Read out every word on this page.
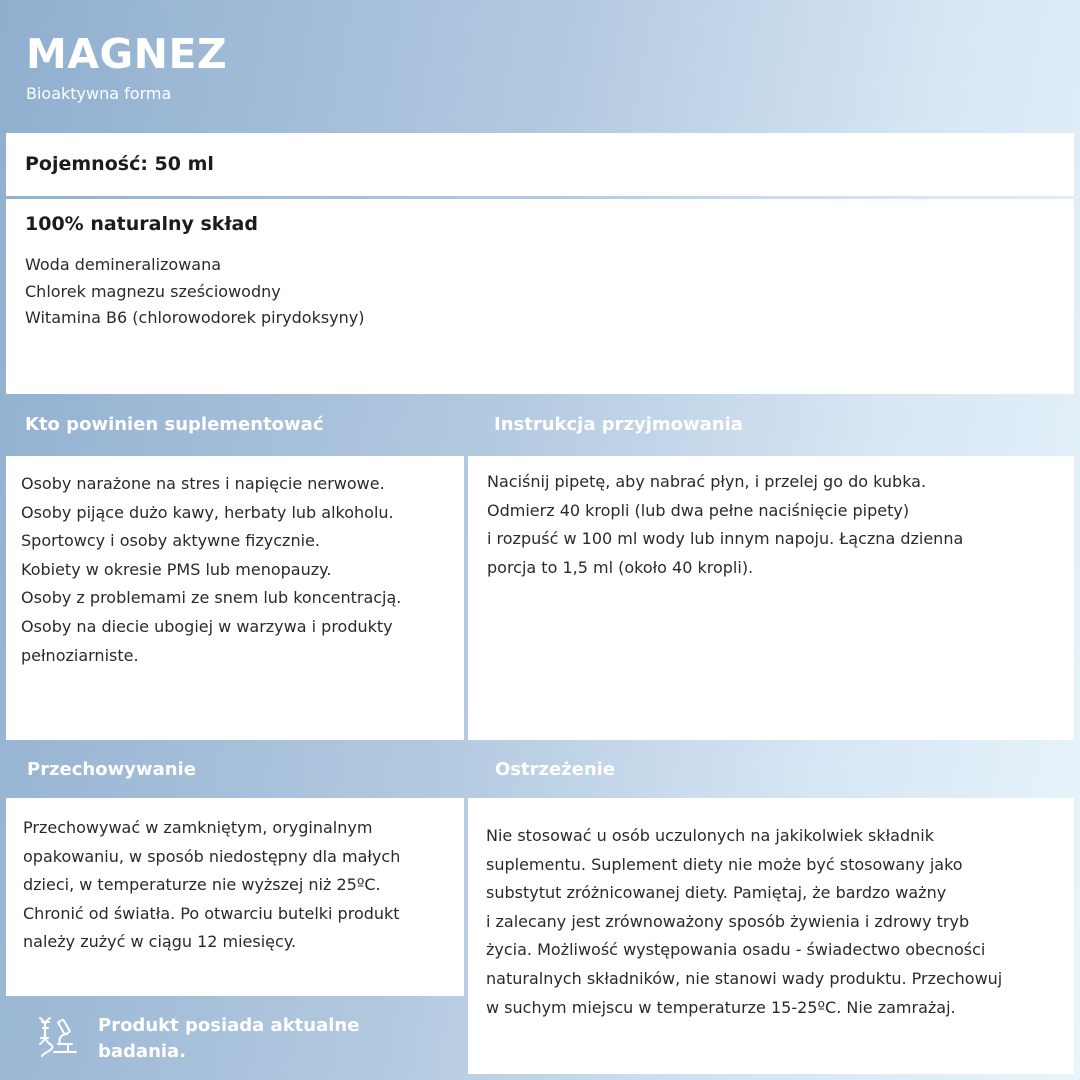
MAGNEZ
Bioaktywna forma
Pojemność: 50 ml
100% naturalny skład
Woda demineralizowana
Chlorek magnezu sześciowodny
Witamina B6 (chlorowodorek pirydoksyny)
Kto powinien suplementować

Osoby narażone na stres i napięcie nerwowe.

Osoby pijące dużo kawy, herbaty lub alkoholu.

Sportowcy i osoby aktywne fizycznie.

Kobiety w okresie PMS lub menopauzy.

Osoby z problemami ze snem lub koncentracją.

Osoby na diecie ubogiej w warzywa i produkty

pełnoziarniste.

Instrukcja przyjmowania

Naciśnij pipetę, aby nabrać płyn, i przelej go do kubka.

Odmierz 40 kropli (lub dwa pełne naciśnięcie pipety)

i rozpuść w 100 ml wody lub innym napoju. Łączna dzienna

porcja to 1,5 ml (około 40 kropli).

Przechowywanie

Przechowywać w zamkniętym, oryginalnym

opakowaniu, w sposób niedostępny dla małych

dzieci, w temperaturze nie wyższej niż 25ºC.

Chronić od światła. Po otwarciu butelki produkt

należy zużyć w ciągu 12 miesięcy.

Ostrzeżenie

Nie stosować u osób uczulonych na jakikolwiek składnik

suplementu. Suplement diety nie może być stosowany jako

substytut zróżnicowanej diety. Pamiętaj, że bardzo ważny

i zalecany jest zrównoważony sposób żywienia i zdrowy tryb

życia. Możliwość występowania osadu - świadectwo obecności

naturalnych składników, nie stanowi wady produktu. Przechowuj

w suchym miejscu w temperaturze 15-25ºC. Nie zamrażaj.

Produkt posiada aktualne
badania.
